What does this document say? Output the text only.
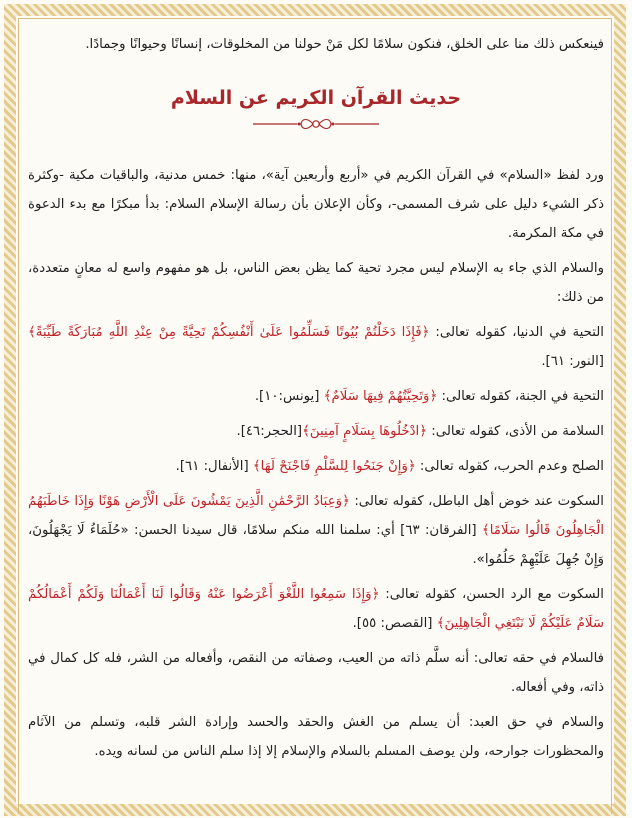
فينعكس ذلك منا على الخلق، فنكون سلامًا لكل مَنْ حولنا من المخلوقات، إنسانًا وحيوانًا وجمادًا.

حديث القرآن الكريم عن السلام

ورد لفظ «السلام» في القرآن الكريم في «أربع وأربعين آية»، منها: خمس مدنية، والباقيات مكية -وكثرة ذكر الشيء دليل على شرف المسمى-، وكأن الإعلان بأن رسالة الإسلام السلام: بدأ مبكرًا مع بدء الدعوة في مكة المكرمة.

والسلام الذي جاء به الإسلام ليس مجرد تحية كما يظن بعض الناس، بل هو مفهوم واسع له معانٍ متعددة، من ذلك:

التحية في الدنيا، كقوله تعالى: ﴿فَإِذَا دَخَلْتُمْ بُيُوتًا فَسَلِّمُوا عَلَىٰ أَنْفُسِكُمْ تَحِيَّةً مِنْ عِنْدِ اللَّهِ مُبَارَكَةً طَيِّبَةً﴾ [النور: ٦١].

التحية في الجنة، كقوله تعالى: ﴿وَتَحِيَّتُهُمْ فِيهَا سَلَامٌ﴾ [يونس:١٠].

السلامة من الأذى، كقوله تعالى: ﴿ادْخُلُوهَا بِسَلَامٍ آمِنِينَ﴾[الحجر:٤٦].

الصلح وعدم الحرب، كقوله تعالى: ﴿وَإِنْ جَنَحُوا لِلسَّلْمِ فَاجْنَحْ لَهَا﴾ [الأنفال: ٦١].

السكوت عند خوض أهل الباطل، كقوله تعالى: ﴿وَعِبَادُ الرَّحْمَٰنِ الَّذِينَ يَمْشُونَ عَلَى الْأَرْضِ هَوْنًا وَإِذَا خَاطَبَهُمُ الْجَاهِلُونَ قَالُوا سَلَامًا﴾ [الفرقان: ٦٣] أي: سلمنا الله منكم سلامًا، قال سيدنا الحسن: «حُلَمَاءُ لَا يَجْهَلُونَ، وَإِنْ جُهِلَ عَلَيْهِمْ حَلُمُوا».

السكوت مع الرد الحسن، كقوله تعالى: ﴿وَإِذَا سَمِعُوا اللَّغْوَ أَعْرَضُوا عَنْهُ وَقَالُوا لَنَا أَعْمَالُنَا وَلَكُمْ أَعْمَالُكُمْ سَلَامٌ عَلَيْكُمْ لَا نَبْتَغِي الْجَاهِلِينَ﴾ [القصص: ٥٥].

فالسلام في حقه تعالى: أنه سلَّم ذاته من العيب، وصفاته من النقص، وأفعاله من الشر، فله كل كمال في ذاته، وفي أفعاله.

والسلام في حق العبد: أن يسلم من الغش والحقد والحسد وإرادة الشر قلبه، وتسلم من الآثام والمحظورات جوارحه، ولن يوصف المسلم بالسلام والإسلام إلا إذا سلم الناس من لسانه ويده.
